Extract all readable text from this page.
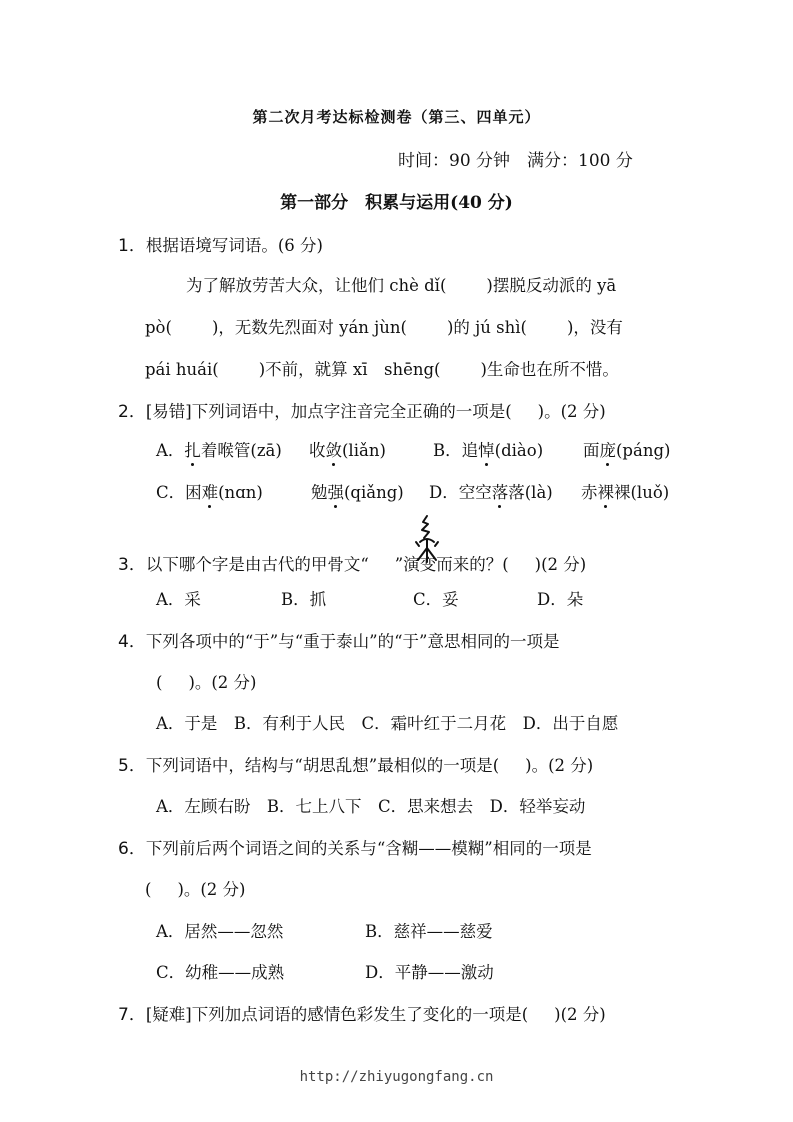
第二次月考达标检测卷（第三、四单元）
时间：90 分钟　满分：100 分
第一部分　积累与运用(40 分)
1．根据语境写词语。(6 分)
为了解放劳苦大众，让他们 chè dǐ( )摆脱反动派的 yā
pò( )，无数先烈面对 yán jùn( )的 jú shì( )，没有
pái huái( )不前，就算 xī　shēng( )生命也在所不惜。
2．[易错]下列词语中，加点字注音完全正确的一项是( )。(2 分)
A．扎着喉管(zā) 收敛(liǎn)	B．追悼(diào) 面庞(páng)
C．困难(nɑn)	勉强(qiǎng) D．空空落落(là) 赤裸裸(luǒ)
3．以下哪个字是由古代的甲骨文“ ”演变而来的？( )(2 分)
A．采	B．抓	C．妥	D．朵
4．下列各项中的“于”与“重于泰山”的“于”意思相同的一项是
( )。(2 分)
A．于是　B．有利于人民　C．霜叶红于二月花　D．出于自愿
5．下列词语中，结构与“胡思乱想”最相似的一项是( )。(2 分)
A．左顾右盼　B．七上八下　C．思来想去　D．轻举妄动
6．下列前后两个词语之间的关系与“含糊——模糊”相同的一项是
( )。(2 分)
A．居然——忽然	B．慈祥——慈爱
C．幼稚——成熟	D．平静——激动
7．[疑难]下列加点词语的感情色彩发生了变化的一项是( )(2 分)
http://zhiyugongfang.cn
